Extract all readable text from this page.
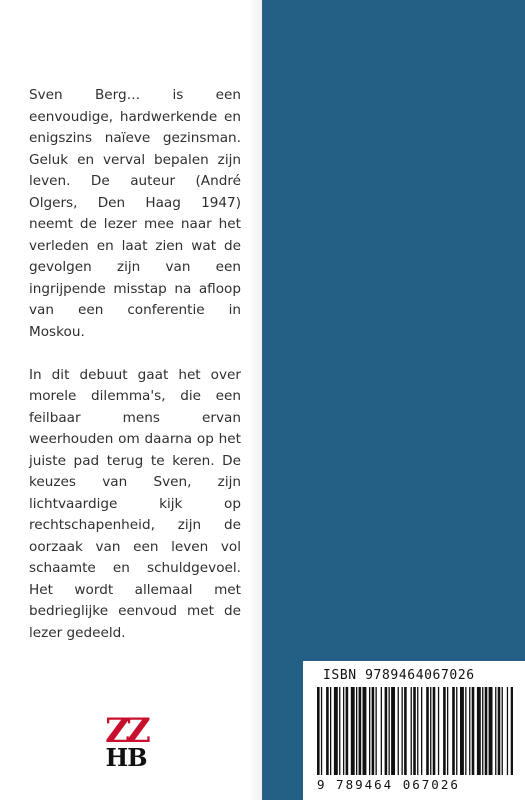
Sven Berg… is een eenvoudige, hardwerkende en enigszins naïeve gezinsman. Geluk en verval bepalen zijn leven. De auteur (André Olgers, Den Haag 1947) neemt de lezer mee naar het verleden en laat zien wat de gevolgen zijn van een ingrijpende misstap na afloop van een conferentie in Moskou.

In dit debuut gaat het over morele dilemma's, die een feilbaar mens ervan weerhouden om daarna op het juiste pad terug te keren. De keuzes van Sven, zijn lichtvaardige kijk op rechtschapenheid, zijn de oorzaak van een leven vol schaamte en schuldgevoel. Het wordt allemaal met bedrieglijke eenvoud met de lezer gedeeld.

ZZ
HB
ISBN 9789464067026
9 789464 067026
